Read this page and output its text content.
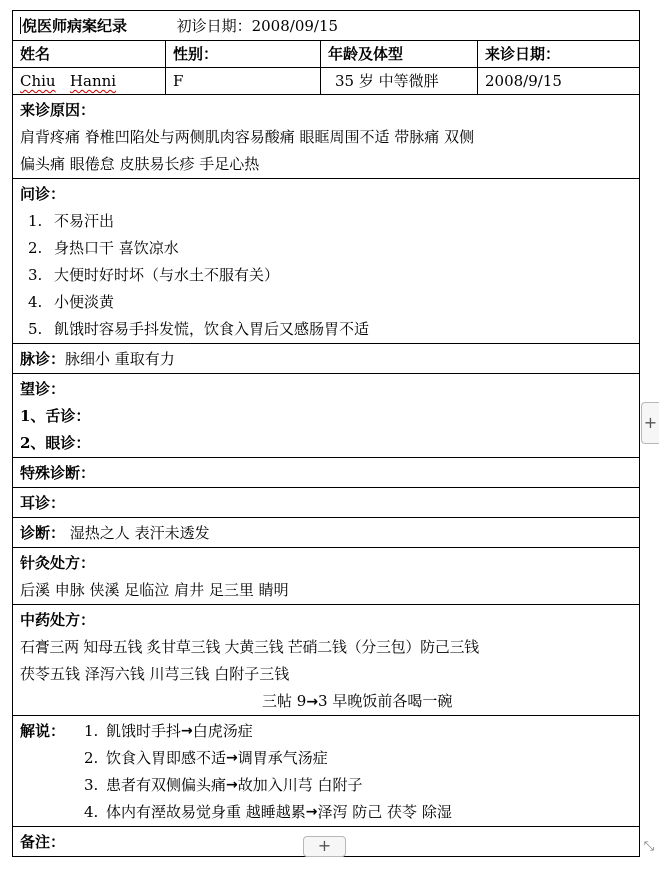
倪医师病案纪录	初诊日期：2008/09/15
姓名	性别：	年龄及体型	来诊日期：
Chiu Hanni	F	35 岁 中等微胖	2008/9/15
来诊原因：
肩背疼痛 脊椎凹陷处与两侧肌肉容易酸痛 眼眶周围不适 带脉痛 双侧
偏头痛 眼倦怠 皮肤易长疹 手足心热
问诊：
1. 不易汗出
2. 身热口干 喜饮凉水
3. 大便时好时坏（与水土不服有关）
4. 小便淡黄
5. 飢饿时容易手抖发慌，饮食入胃后又感肠胃不适
脉诊：脉细小 重取有力
望诊：
1、舌诊：
2、眼诊：
特殊诊断：
耳诊：
诊断： 湿热之人 表汗未透发
针灸处方：
后溪 申脉 侠溪 足临泣 肩井 足三里 睛明
中药处方：
石膏三两 知母五钱 炙甘草三钱 大黄三钱 芒硝二钱（分三包）防己三钱
茯苓五钱 泽泻六钱 川芎三钱 白附子三钱
三帖 9→3 早晚饭前各喝一碗
解说：	1. 飢饿时手抖 → 白虎汤症
2. 饮食入胃即感不适 → 调胃承气汤症
3. 患者有双侧偏头痛 → 故加入川芎 白附子
4. 体内有溼故易觉身重 越睡越累 → 泽泻 防己 茯苓 除湿
备注：
+
+	⤡
